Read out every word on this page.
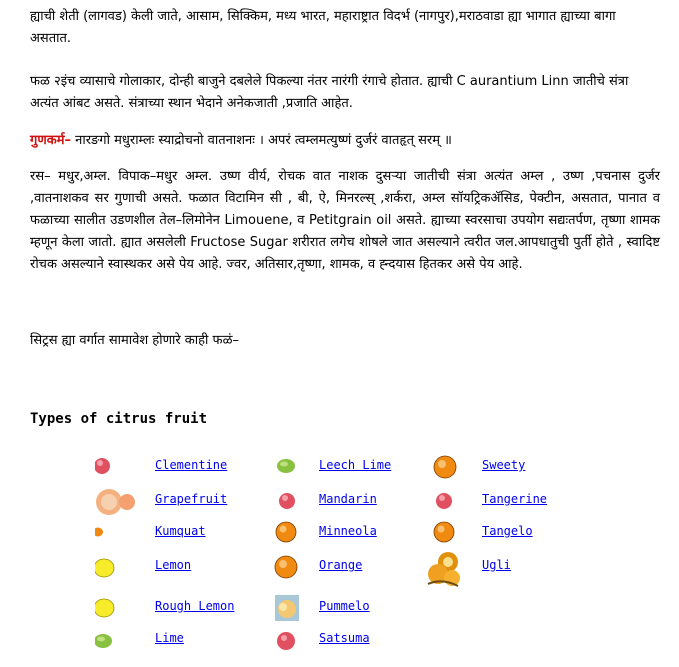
ह्याची शेती (लागवड) केली जाते, आसाम, सिक्किम, मध्य भारत, महाराष्ट्रात विदर्भ (नागपुर),मराठवाडा ह्या भागात ह्याच्या बागा असतात.

फळ २इंच व्यासाचे गोलाकार, दोन्ही बाजुने दबलेले पिकल्या नंतर नारंगी रंगाचे होतात. ह्याची C aurantium Linn जातीचे संत्रा अत्यंत आंबट असते. संत्राच्या स्थान भेदाने अनेकजाती ,प्रजाति आहेत.

गुणकर्म– नारङगो मधुराम्लः स्याद्रोचनो वातनाशनः । अपरं त्वम्लमत्युष्णं दुर्जरं वातहृत् सरम् ॥

रस– मधुर,अम्ल. विपाक–मधुर अम्ल. उष्ण वीर्य, रोचक वात नाशक दुसऱ्या जातीची संत्रा अत्यंत अम्ल , उष्ण ,पचनास दुर्जर ,वातनाशकव सर गुणाची असते. फळात विटामिन सी , बी, ऐ, मिनरल्स् ,शर्करा, अम्ल सॉयट्रिकॲसिड, पेक्टीन, असतात, पानात व फळाच्या सालीत उडणशील तेल–लिमोनेन Limouene, व Petitgrain oil असते. ह्याच्या स्वरसाचा उपयोग सद्यःतर्पण, तृष्णा शामक म्हणून केला जातो. ह्यात असलेली Fructose Sugar शरीरात लगेच शोषले जात असल्याने त्वरीत जल.आपधातुची पुर्ती होते , स्वादिष्ट रोचक असल्याने स्वास्थकर असे पेय आहे. ज्वर, अतिसार,तृष्णा, शामक, व ह्न्दयास हितकर असे पेय आहे.

सिट्रस ह्या वर्गात सामावेश होणारे काही फळं–

Types of citrus fruit
Clementine
Grapefruit
Kumquat
Lemon
Rough Lemon
Lime
Leech Lime
Mandarin
Minneola
Orange
Pummelo
Satsuma
Sweety
Tangerine
Tangelo
Ugli
